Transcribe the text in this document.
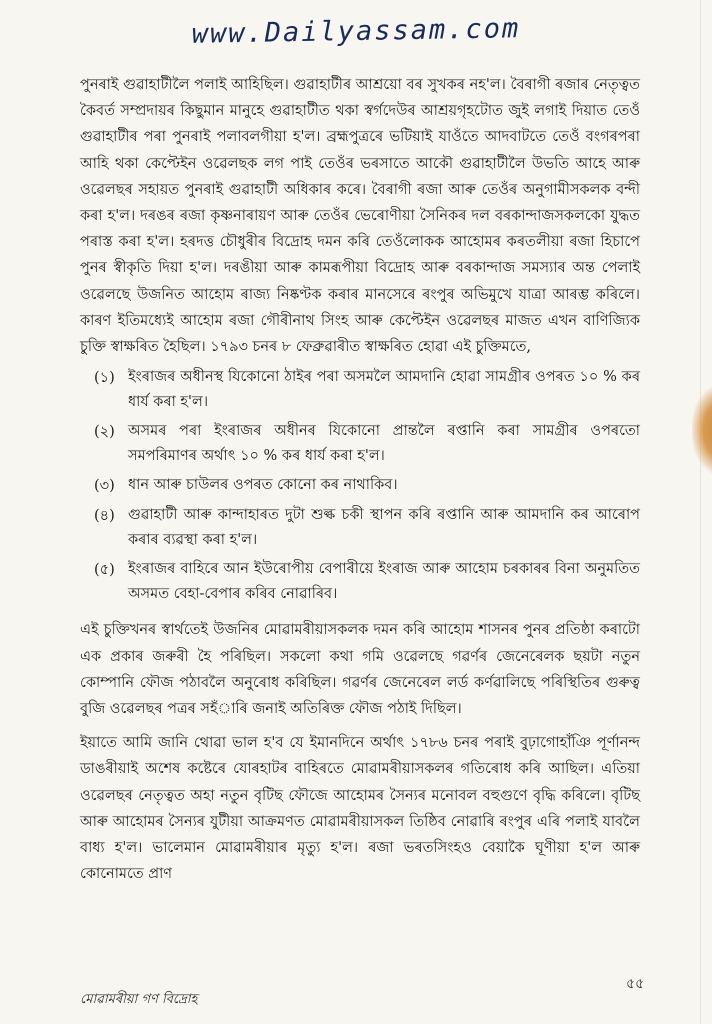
www.Dailyassam.com

পুনৰাই গুৱাহাটীলৈ পলাই আহিছিল। গুৱাহাটীৰ আশ্ৰয়ো বৰ সুখকৰ নহ'ল। বৈৰাগী ৰজাৰ নেতৃত্বত কৈবৰ্ত সম্প্ৰদায়ৰ কিছুমান মানুহে গুৱাহাটীত থকা স্বৰ্গদেউৰ আশ্ৰয়গৃহটোত জুই লগাই দিয়াত তেওঁ গুৱাহাটীৰ পৰা পুনৰাই পলাবলগীয়া হ'ল। ব্ৰহ্মপুত্ৰৰে ভটিয়াই যাওঁতে আদবাটতে তেওঁ বংগৰপৰা আহি থকা কেপ্টেইন ওৱেলছক লগ পাই তেওঁৰ ভৰসাতে আকৌ গুৱাহাটীলৈ উভতি আহে আৰু ওৱেলছৰ সহায়ত পুনৰাই গুৱাহাটী অধিকাৰ কৰে। বৈৰাগী ৰজা আৰু তেওঁৰ অনুগামীসকলক বন্দী কৰা হ'ল। দৰঙৰ ৰজা কৃষ্ণনাৰায়ণ আৰু তেওঁৰ ভেৰোণীয়া সৈনিকৰ দল বৰকান্দাজসকলকো যুদ্ধত পৰাস্ত কৰা হ'ল। হৰদত্ত চৌধুৰীৰ বিদ্ৰোহ দমন কৰি তেওঁলোকক আহোমৰ কৰতলীয়া ৰজা হিচাপে পুনৰ স্বীকৃতি দিয়া হ'ল। দৰঙীয়া আৰু কামৰূপীয়া বিদ্ৰোহ আৰু বৰকান্দাজ সমস্যাৰ অন্ত পেলাই ওৱেলছে উজনিত আহোম ৰাজ্য নিষ্কণ্টক কৰাৰ মানসেৰে ৰংপুৰ অভিমুখে যাত্ৰা আৰম্ভ কৰিলে। কাৰণ ইতিমধ্যেই আহোম ৰজা গৌৰীনাথ সিংহ আৰু কেপ্টেইন ওৱেলছৰ মাজত এখন বাণিজ্যিক চুক্তি স্বাক্ষৰিত হৈছিল। ১৭৯৩ চনৰ ৮ ফেব্ৰুৱাৰীত স্বাক্ষৰিত হোৱা এই চুক্তিমতে,

(১) ইংৰাজৰ অধীনস্থ যিকোনো ঠাইৰ পৰা অসমলৈ আমদানি হোৱা সামগ্ৰীৰ ওপৰত ১০ % কৰ ধাৰ্য কৰা হ'ল।
(২) অসমৰ পৰা ইংৰাজৰ অধীনৰ যিকোনো প্ৰান্তলৈ ৰপ্তানি কৰা সামগ্ৰীৰ ওপৰতো সমপৰিমাণৰ অৰ্থাৎ ১০ % কৰ ধাৰ্য কৰা হ'ল।
(৩) ধান আৰু চাউলৰ ওপৰত কোনো কৰ নাথাকিব।
(৪) গুৱাহাটী আৰু কান্দাহাৰত দুটা শুল্ক চকী স্থাপন কৰি ৰপ্তানি আৰু আমদানি কৰ আৰোপ কৰাৰ ব্যৱস্থা কৰা হ'ল।
(৫) ইংৰাজৰ বাহিৰে আন ইউৰোপীয় বেপাৰীয়ে ইংৰাজ আৰু আহোম চৰকাৰৰ বিনা অনুমতিত অসমত বেহা-বেপাৰ কৰিব নোৱাৰিব।

এই চুক্তিখনৰ স্বাৰ্থতেই উজনিৰ মোৱামৰীয়াসকলক দমন কৰি আহোম শাসনৰ পুনৰ প্ৰতিষ্ঠা কৰাটো এক প্ৰকাৰ জৰুৰী হৈ পৰিছিল। সকলো কথা গমি ওৱেলছে গৱৰ্ণৰ জেনেৰেলক ছয়টা নতুন কোম্পানি ফৌজ পঠাবলৈ অনুৰোধ কৰিছিল। গৱৰ্ণৰ জেনেৰেল লৰ্ড কৰ্ণৱালিছে পৰিস্থিতিৰ গুৰুত্ব বুজি ওৱেলছৰ পত্ৰৰ সহঁাৰি জনাই অতিৰিক্ত ফৌজ পঠাই দিছিল।

ইয়াতে আমি জানি থোৱা ভাল হ'ব যে ইমানদিনে অৰ্থাৎ ১৭৮৬ চনৰ পৰাই বুঢ়াগোহাঁঞি পূৰ্ণানন্দ ডাঙৰীয়াই অশেষ কষ্টেৰে যোৰহাটৰ বাহিৰতে মোৱামৰীয়াসকলৰ গতিৰোধ কৰি আছিল। এতিয়া ওৱেলছৰ নেতৃত্বত অহা নতুন বৃটিছ ফৌজে আহোমৰ সৈন্যৰ মনোবল বহুগুণে বৃদ্ধি কৰিলে। বৃটিছ আৰু আহোমৰ সৈন্যৰ যুটীয়া আক্ৰমণত মোৱামৰীয়াসকল তিষ্ঠিব নোৱাৰি ৰংপুৰ এৰি পলাই যাবলৈ বাধ্য হ'ল। ভালেমান মোৱামৰীয়াৰ মৃত্যু হ'ল। ৰজা ভৰতসিংহও বেয়াকৈ ঘূণীয়া হ'ল আৰু কোনোমতে প্ৰাণ

৫৫
মোৱামৰীয়া গণ বিদ্ৰোহ
